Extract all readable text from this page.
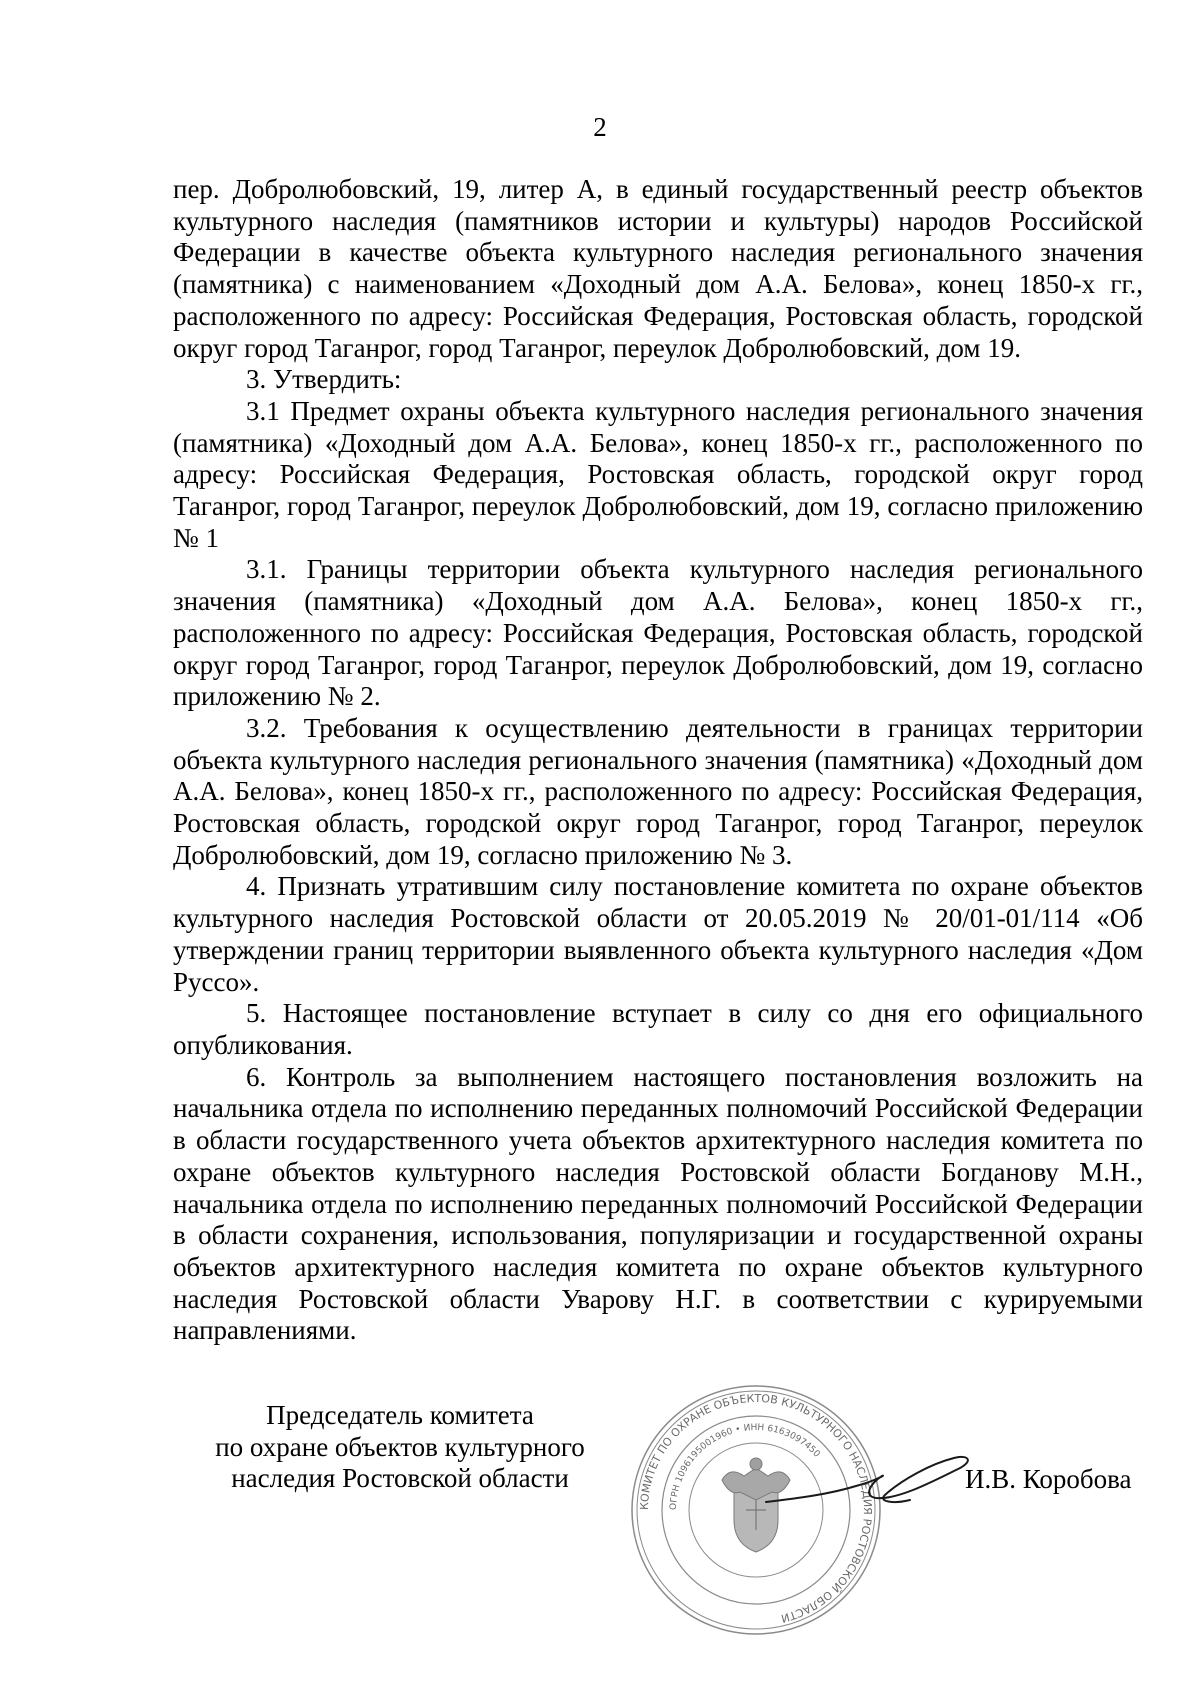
2

пер. Добролюбовский, 19, литер А, в единый государственный реестр объектов культурного наследия (памятников истории и культуры) народов Российской Федерации в качестве объекта культурного наследия регионального значения (памятника) с наименованием «Доходный дом А.А. Белова», конец 1850-х гг., расположенного по адресу: Российская Федерация, Ростовская область, городской округ город Таганрог, город Таганрог, переулок Добролюбовский, дом 19.

3. Утвердить:

3.1 Предмет охраны объекта культурного наследия регионального значения (памятника) «Доходный дом А.А. Белова», конец 1850-х гг., расположенного по адресу: Российская Федерация, Ростовская область, городской округ город Таганрог, город Таганрог, переулок Добролюбовский, дом 19, согласно приложению № 1

3.1. Границы территории объекта культурного наследия регионального значения (памятника) «Доходный дом А.А. Белова», конец 1850-х гг., расположенного по адресу: Российская Федерация, Ростовская область, городской округ город Таганрог, город Таганрог, переулок Добролюбовский, дом 19, согласно приложению № 2.

3.2. Требования к осуществлению деятельности в границах территории объекта культурного наследия регионального значения (памятника) «Доходный дом А.А. Белова», конец 1850-х гг., расположенного по адресу: Российская Федерация, Ростовская область, городской округ город Таганрог, город Таганрог, переулок Добролюбовский, дом 19, согласно приложению № 3.

4. Признать утратившим силу постановление комитета по охране объектов культурного наследия Ростовской области от 20.05.2019 № 20/01-01/114 «Об утверждении границ территории выявленного объекта культурного наследия «Дом Руссо».

5. Настоящее постановление вступает в силу со дня его официального опубликования.

6. Контроль за выполнением настоящего постановления возложить на начальника отдела по исполнению переданных полномочий Российской Федерации в области государственного учета объектов архитектурного наследия комитета по охране объектов культурного наследия Ростовской области Богданову М.Н., начальника отдела по исполнению переданных полномочий Российской Федерации в области сохранения, использования, популяризации и государственной охраны объектов архитектурного наследия комитета по охране объектов культурного наследия Ростовской области Уварову Н.Г. в соответствии с курируемыми направлениями.

Председатель комитета
по охране объектов культурного
наследия Ростовской области
КОМИТЕТ ПО ОХРАНЕ ОБЪЕКТОВ КУЛЬТУРНОГО НАСЛЕДИЯ РОСТОВСКОЙ ОБЛАСТИ
ОГРН 1096195001960 • ИНН 6163097450
И.В. Коробова
